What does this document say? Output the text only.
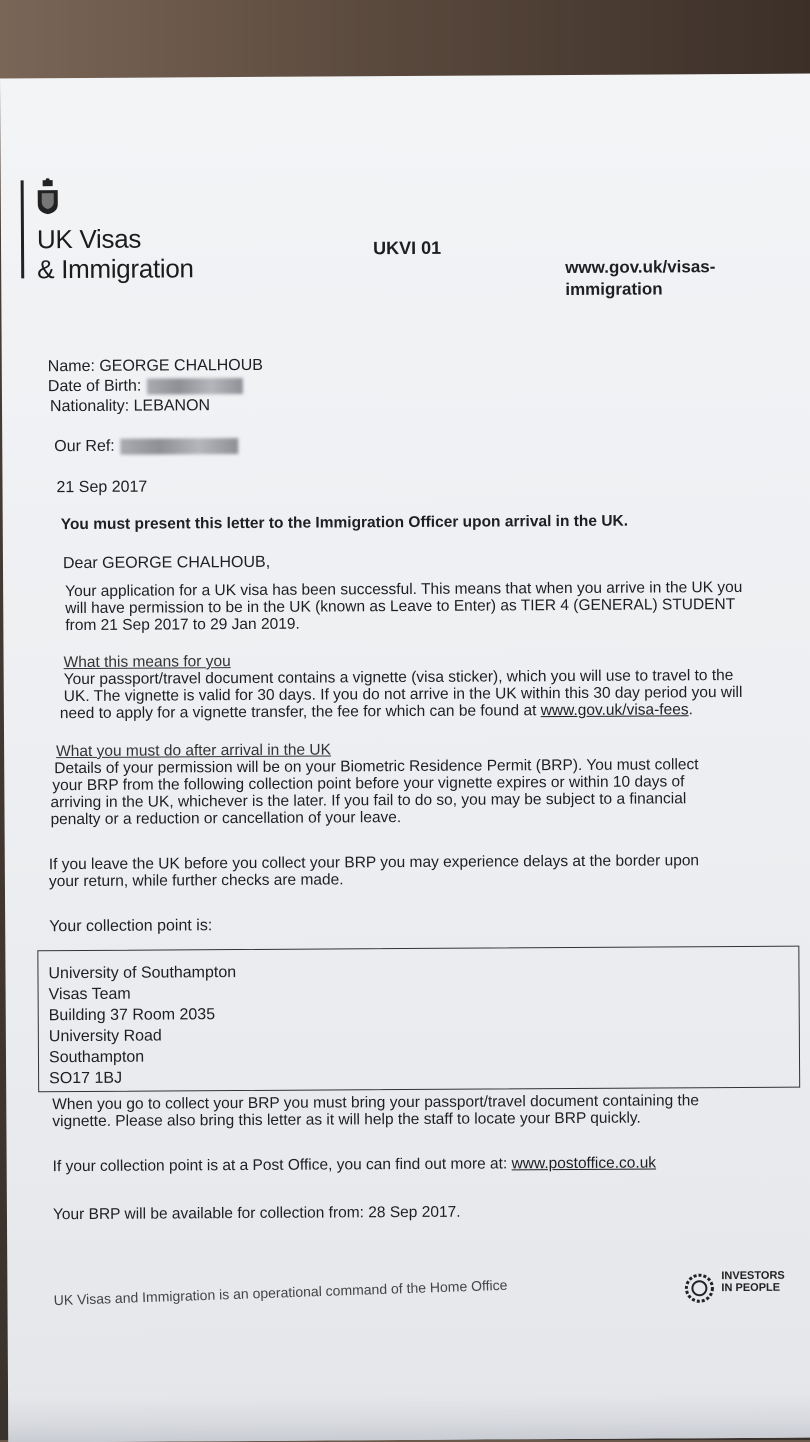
UK Visas
& Immigration
UKVI 01
www.gov.uk/visas-immigration
Name: GEORGE CHALHOUB
Date of Birth:
Nationality: LEBANON
Our Ref:
21 Sep 2017
You must present this letter to the Immigration Officer upon arrival in the UK.
Dear GEORGE CHALHOUB,
Your application for a UK visa has been successful. This means that when you arrive in the UK you
will have permission to be in the UK (known as Leave to Enter) as TIER 4 (GENERAL) STUDENT
from 21 Sep 2017 to 29 Jan 2019.
What this means for you
Your passport/travel document contains a vignette (visa sticker), which you will use to travel to the
UK. The vignette is valid for 30 days. If you do not arrive in the UK within this 30 day period you will
need to apply for a vignette transfer, the fee for which can be found at www.gov.uk/visa-fees.
What you must do after arrival in the UK
Details of your permission will be on your Biometric Residence Permit (BRP). You must collect
your BRP from the following collection point before your vignette expires or within 10 days of
arriving in the UK, whichever is the later. If you fail to do so, you may be subject to a financial
penalty or a reduction or cancellation of your leave.
If you leave the UK before you collect your BRP you may experience delays at the border upon
your return, while further checks are made.
Your collection point is:
University of Southampton
Visas Team
Building 37 Room 2035
University Road
Southampton
SO17 1BJ
When you go to collect your BRP you must bring your passport/travel document containing the
vignette. Please also bring this letter as it will help the staff to locate your BRP quickly.
If your collection point is at a Post Office, you can find out more at: www.postoffice.co.uk
Your BRP will be available for collection from: 28 Sep 2017.
UK Visas and Immigration is an operational command of the Home Office
INVESTORS
IN PEOPLE
